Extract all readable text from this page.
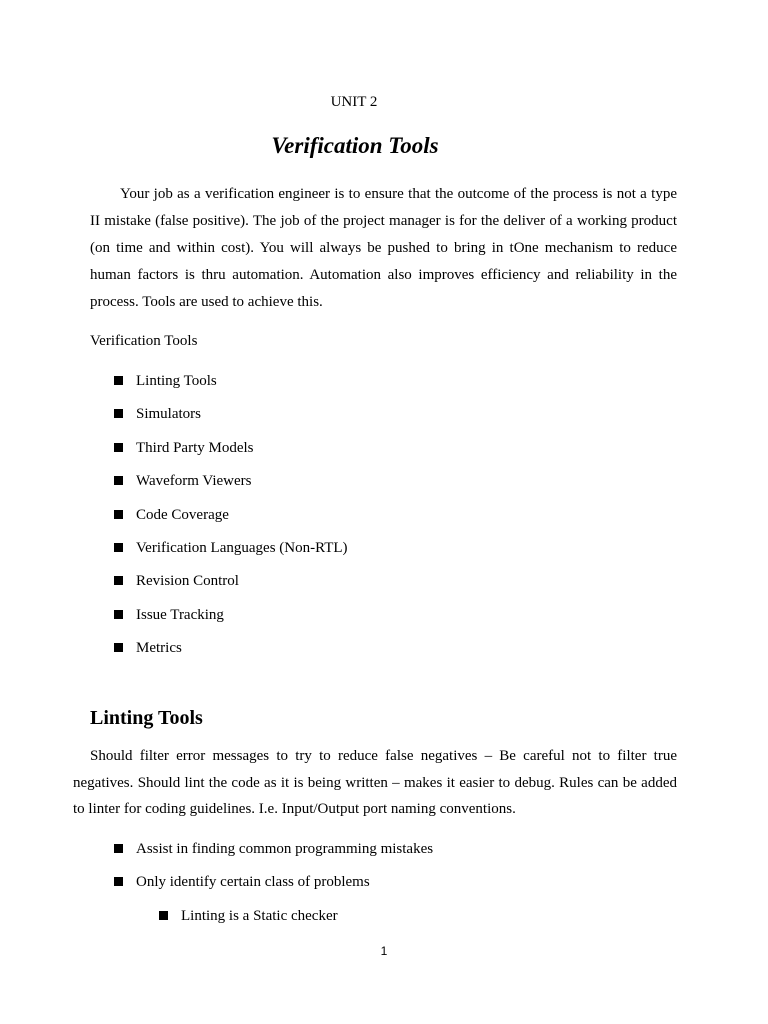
UNIT 2
Verification Tools

Your job as a verification engineer is to ensure that the outcome of the process is not a type II mistake (false positive). The job of the project manager is for the deliver of a working product (on time and within cost). You will always be pushed to bring in tOne mechanism to reduce human factors is thru automation. Automation also improves efficiency and reliability in the process. Tools are used to achieve this.

Verification Tools
Linting Tools
Simulators
Third Party Models
Waveform Viewers
Code Coverage
Verification Languages (Non-RTL)
Revision Control
Issue Tracking
Metrics
Linting Tools

Should filter error messages to try to reduce false negatives – Be careful not to filter true negatives. Should lint the code as it is being written – makes it easier to debug. Rules can be added to linter for coding guidelines. I.e. Input/Output port naming conventions.

Assist in finding common programming mistakes
Only identify certain class of problems
Linting is a Static checker
1
